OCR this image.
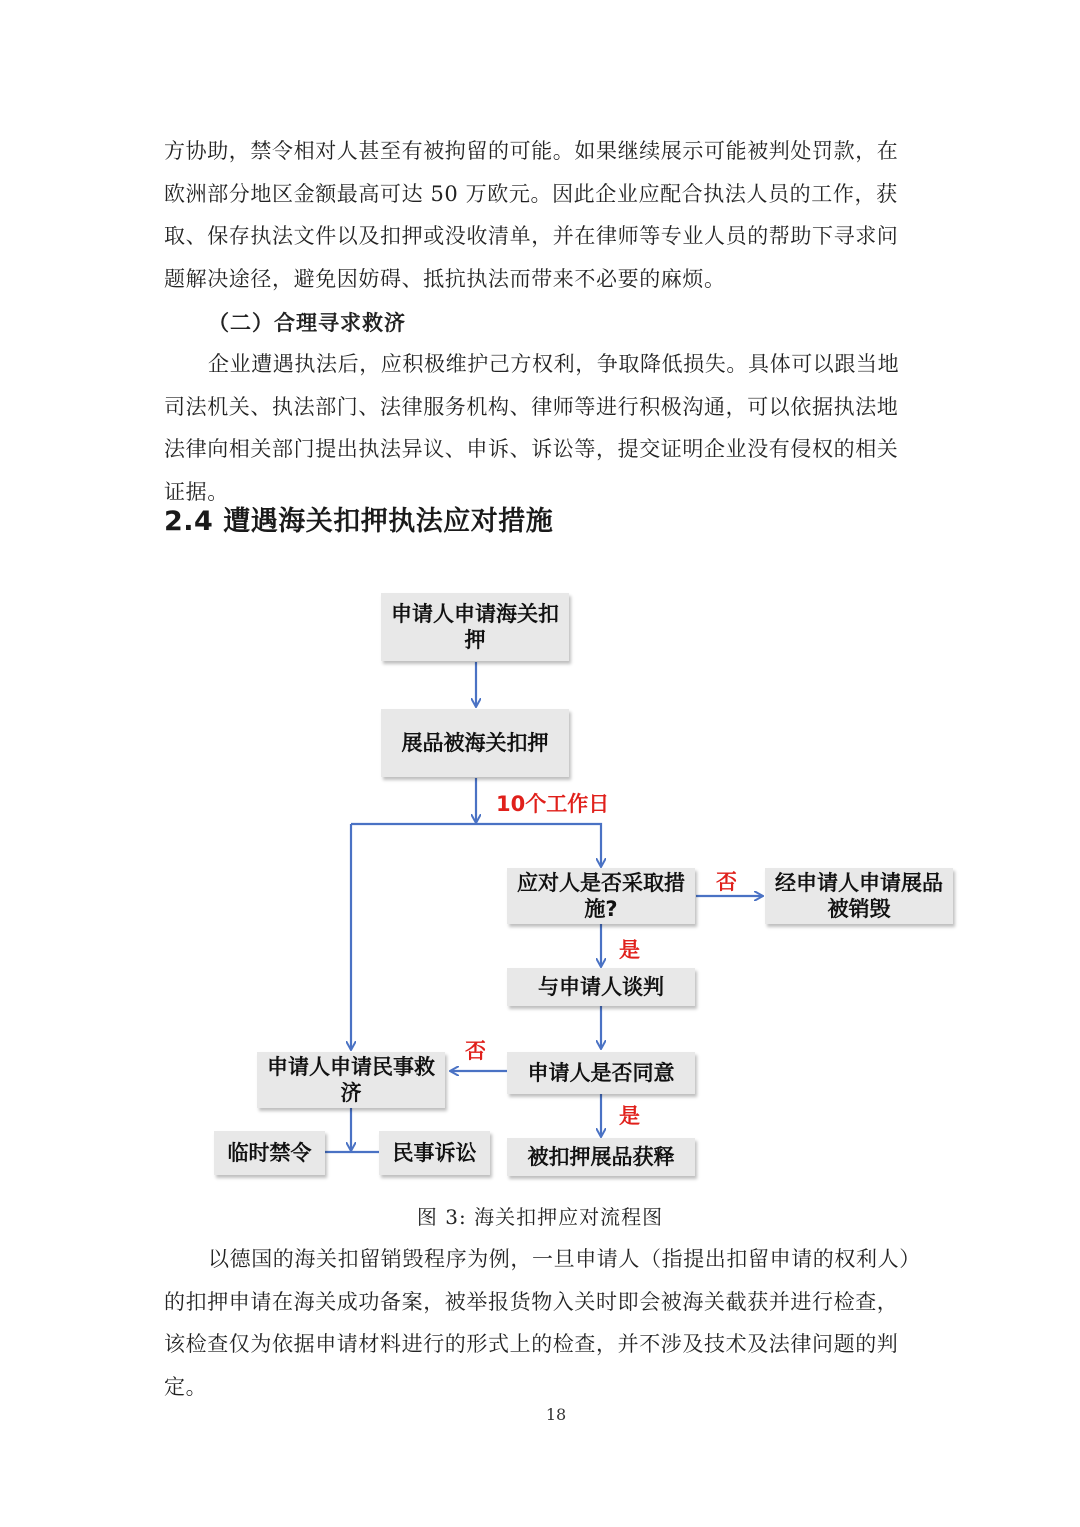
方协助，禁令相对人甚至有被拘留的可能。如果继续展示可能被判处罚款，在欧洲部分地区金额最高可达 50 万欧元。因此企业应配合执法人员的工作，获取、保存执法文件以及扣押或没收清单，并在律师等专业人员的帮助下寻求问题解决途径，避免因妨碍、抵抗执法而带来不必要的麻烦。

（二）合理寻求救济

企业遭遇执法后，应积极维护己方权利，争取降低损失。具体可以跟当地司法机关、执法部门、法律服务机构、律师等进行积极沟通，可以依据执法地法律向相关部门提出执法异议、申诉、诉讼等，提交证明企业没有侵权的相关证据。

2.4 遭遇海关扣押执法应对措施
申请人申请海关扣押
展品被海关扣押
应对人是否采取措施?
经申请人申请展品被销毁
与申请人谈判
申请人申请民事救济
申请人是否同意
临时禁令	民事诉讼	被扣押展品获释
10个工作日
否
是
否
是
图 3: 海关扣押应对流程图

以德国的海关扣留销毁程序为例，一旦申请人（指提出扣留申请的权利人）的扣押申请在海关成功备案，被举报货物入关时即会被海关截获并进行检查，该检查仅为依据申请材料进行的形式上的检查，并不涉及技术及法律问题的判定。

18
